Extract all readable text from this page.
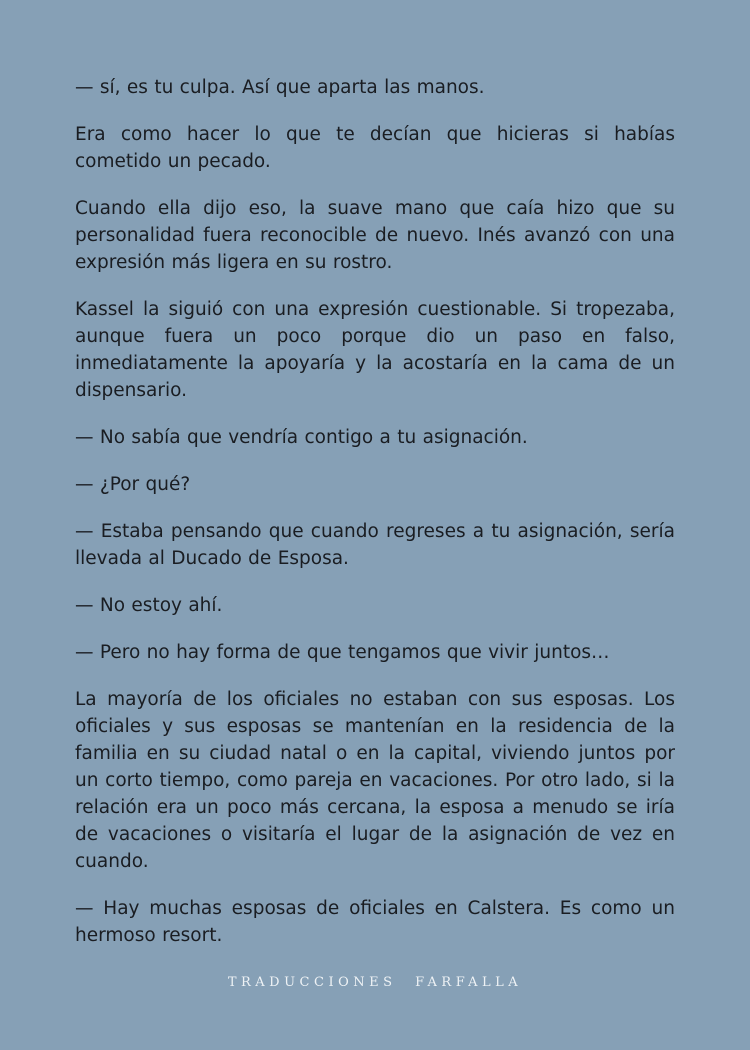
— sí, es tu culpa. Así que aparta las manos.

Era como hacer lo que te decían que hicieras si habías cometido un pecado.

Cuando ella dijo eso, la suave mano que caía hizo que su personalidad fuera reconocible de nuevo. Inés avanzó con una expresión más ligera en su rostro.

Kassel la siguió con una expresión cuestionable. Si tropezaba, aunque fuera un poco porque dio un paso en falso, inmediatamente la apoyaría y la acostaría en la cama de un dispensario.

— No sabía que vendría contigo a tu asignación.

— ¿Por qué?

— Estaba pensando que cuando regreses a tu asignación, sería llevada al Ducado de Esposa.

— No estoy ahí.

— Pero no hay forma de que tengamos que vivir juntos…

La mayoría de los oficiales no estaban con sus esposas. Los oficiales y sus esposas se mantenían en la residencia de la familia en su ciudad natal o en la capital, viviendo juntos por un corto tiempo, como pareja en vacaciones. Por otro lado, si la relación era un poco más cercana, la esposa a menudo se iría de vacaciones o visitaría el lugar de la asignación de vez en cuando.

— Hay muchas esposas de oficiales en Calstera. Es como un hermoso resort.

TRADUCCIONES FARFALLA
